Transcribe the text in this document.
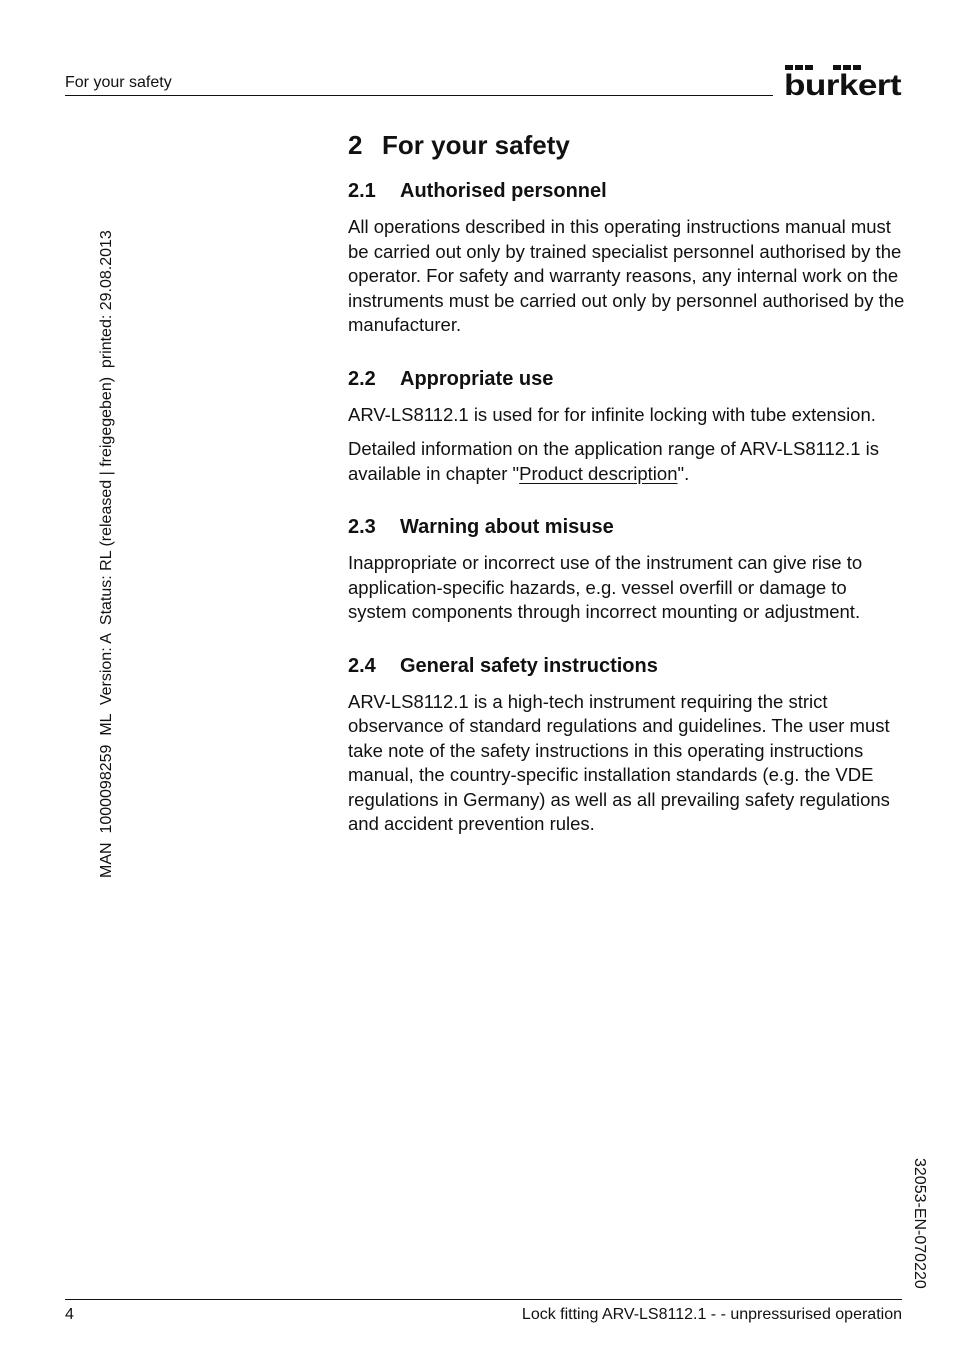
For your safety	burkert
MAN  1000098259  ML  Version: A  Status: RL (released | freigegeben)  printed: 29.08.2013
32053-EN-070220
2 For your safety
2.1 Authorised personnel

All operations described in this operating instructions manual must be carried out only by trained specialist personnel authorised by the operator. For safety and warranty reasons, any internal work on the instruments must be carried out only by personnel authorised by the manufacturer.

2.2 Appropriate use

ARV-LS8112.1 is used for for infinite locking with tube extension.

Detailed information on the application range of ARV-LS8112.1 is available in chapter "Product description".

2.3 Warning about misuse

Inappropriate or incorrect use of the instrument can give rise to application-specific hazards, e.g. vessel overfill or damage to system components through incorrect mounting or adjustment.

2.4 General safety instructions

ARV-LS8112.1 is a high-tech instrument requiring the strict observance of standard regulations and guidelines. The user must take note of the safety instructions in this operating instructions manual, the country-specific installation standards (e.g. the VDE regulations in Germany) as well as all prevailing safety regulations and accident prevention rules.

4	Lock fitting ARV-LS8112.1 - - unpressurised operation
